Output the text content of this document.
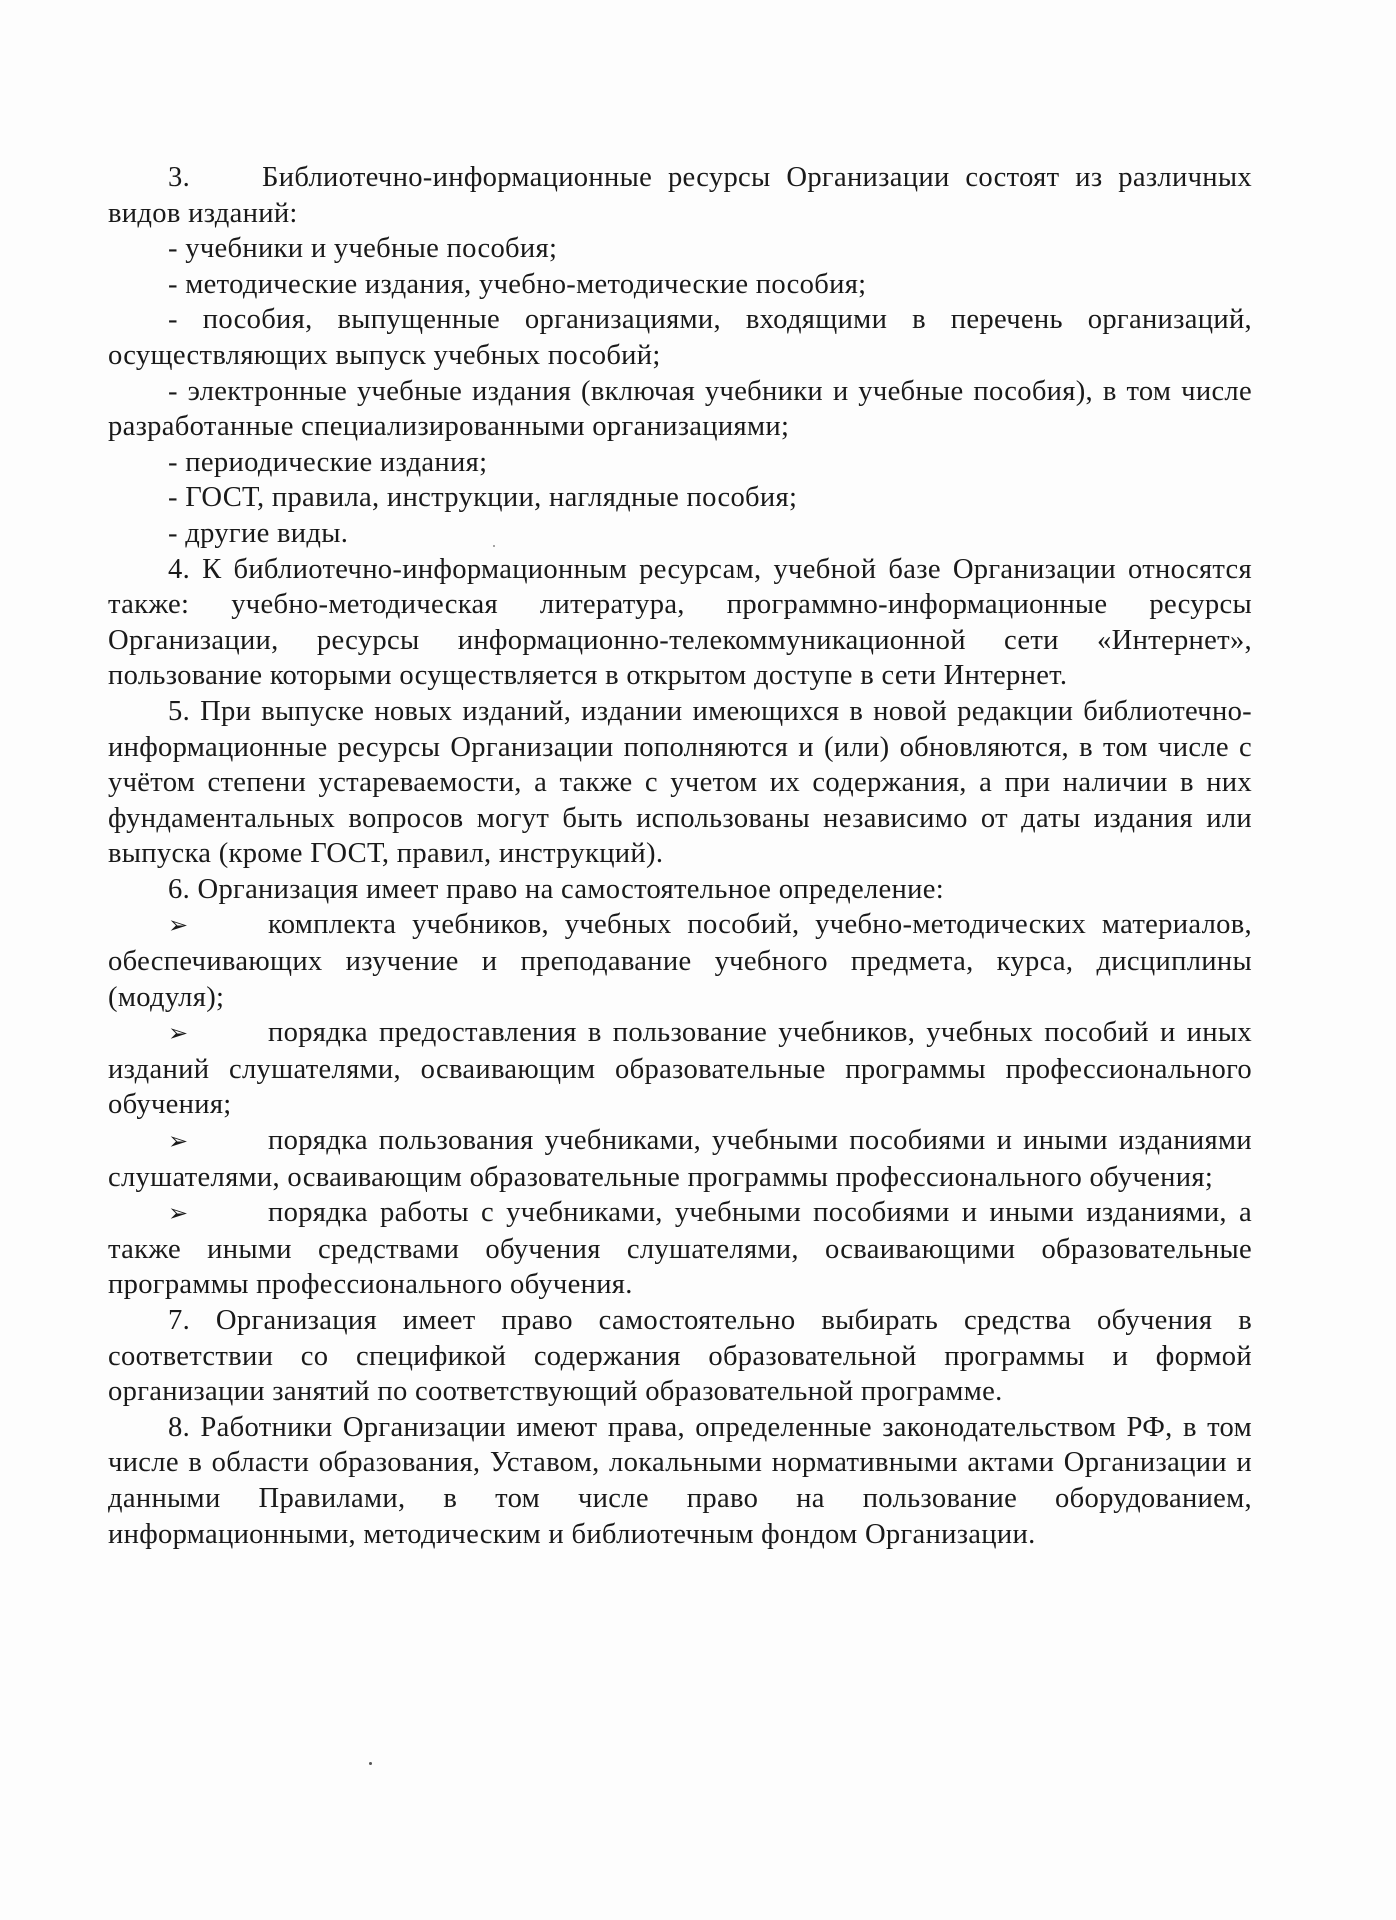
3.	Библиотечно-информационные ресурсы Организации состоят из различных видов изданий:

- учебники и учебные пособия;

- методические издания, учебно-методические пособия;

- пособия, выпущенные организациями, входящими в перечень организаций, осуществляющих выпуск учебных пособий;

- электронные учебные издания (включая учебники и учебные пособия), в том числе разработанные специализированными организациями;

- периодические издания;

- ГОСТ, правила, инструкции, наглядные пособия;

- другие виды.

4. К библиотечно-информационным ресурсам, учебной базе Организации относятся также: учебно-методическая литература, программно-информационные ресурсы Организации, ресурсы информационно-телекоммуникационной сети «Интернет», пользование которыми осуществляется в открытом доступе в сети Интернет.

5. При выпуске новых изданий, издании имеющихся в новой редакции библиотечно-информационные ресурсы Организации пополняются и (или) обновляются, в том числе с учётом степени устареваемости, а также с учетом их содержания, а при наличии в них фундаментальных вопросов могут быть использованы независимо от даты издания или выпуска (кроме ГОСТ, правил, инструкций).

6. Организация имеет право на самостоятельное определение:

➢	комплекта учебников, учебных пособий, учебно-методических материалов, обеспечивающих изучение и преподавание учебного предмета, курса, дисциплины (модуля);

➢	порядка предоставления в пользование учебников, учебных пособий и иных изданий слушателями, осваивающим образовательные программы профессионального обучения;

➢	порядка пользования учебниками, учебными пособиями и иными изданиями слушателями, осваивающим образовательные программы профессионального обучения;

➢	порядка работы с учебниками, учебными пособиями и иными изданиями, а также иными средствами обучения слушателями, осваивающими образовательные программы профессионального обучения.

7. Организация имеет право самостоятельно выбирать средства обучения в соответствии со спецификой содержания образовательной программы и формой организации занятий по соответствующий образовательной программе.

8. Работники Организации имеют права, определенные законодательством РФ, в том числе в области образования, Уставом, локальными нормативными актами Организации и данными Правилами, в том числе право на пользование оборудованием, информационными, методическим и библиотечным фондом Организации.
